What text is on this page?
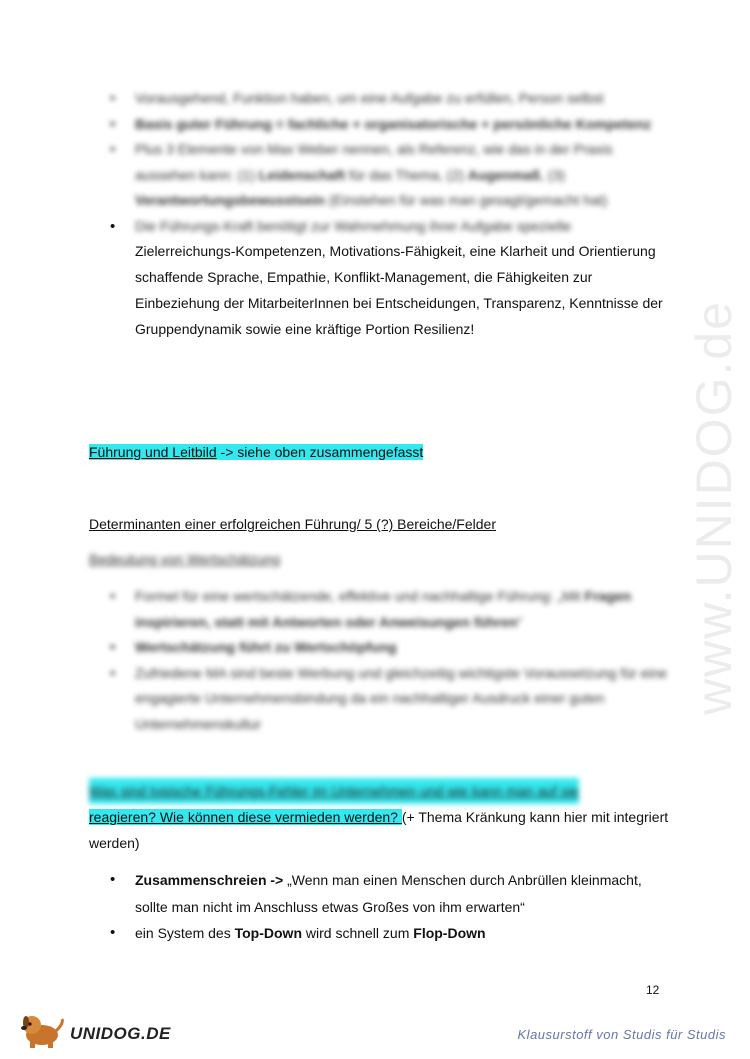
www.UNIDOG.de
• Vorausgehend, Funktion haben, um eine Aufgabe zu erfüllen, Person selbst
• Basis guter Führung = fachliche + organisatorische + persönliche Kompetenz
• Plus 3 Elemente von Max Weber nennen, als Referenz, wie das in der Praxis aussehen kann: (1) Leidenschaft für das Thema, (2) Augenmaß, (3) Verantwortungsbewusstsein (Einstehen für was man gesagt/gemacht hat)
• Die Führungs-Kraft benötigt zur Wahrnehmung ihrer Aufgabe spezielle
Zielerreichungs-Kompetenzen, Motivations-Fähigkeit, eine Klarheit und Orientierung schaffende Sprache, Empathie, Konflikt-Management, die Fähigkeiten zur Einbeziehung der MitarbeiterInnen bei Entscheidungen, Transparenz, Kenntnisse der Gruppendynamik sowie eine kräftige Portion Resilienz!
Führung und Leitbild -> siehe oben zusammengefasst
Determinanten einer erfolgreichen Führung/ 5 (?) Bereiche/Felder
Bedeutung von Wertschätzung
• Formel für eine wertschätzende, effektive und nachhaltige Führung: „Mit Fragen inspirieren, statt mit Antworten oder Anweisungen führen“
• Wertschätzung führt zu Wertschöpfung
• Zufriedene MA sind beste Werbung und gleichzeitig wichtigste Voraussetzung für eine engagierte Unternehmensbindung da ein nachhaltiger Ausdruck einer guten Unternehmenskultur
Was sind typische Führungs-Fehler im Unternehmen und wie kann man auf sie
reagieren? Wie können diese vermieden werden? (+ Thema Kränkung kann hier mit integriert werden)
• Zusammenschreien -> „Wenn man einen Menschen durch Anbrüllen kleinmacht, sollte man nicht im Anschluss etwas Großes von ihm erwarten“
• ein System des Top-Down wird schnell zum Flop-Down
12
UNIDOG.DE	Klausurstoff von Studis für Studis
